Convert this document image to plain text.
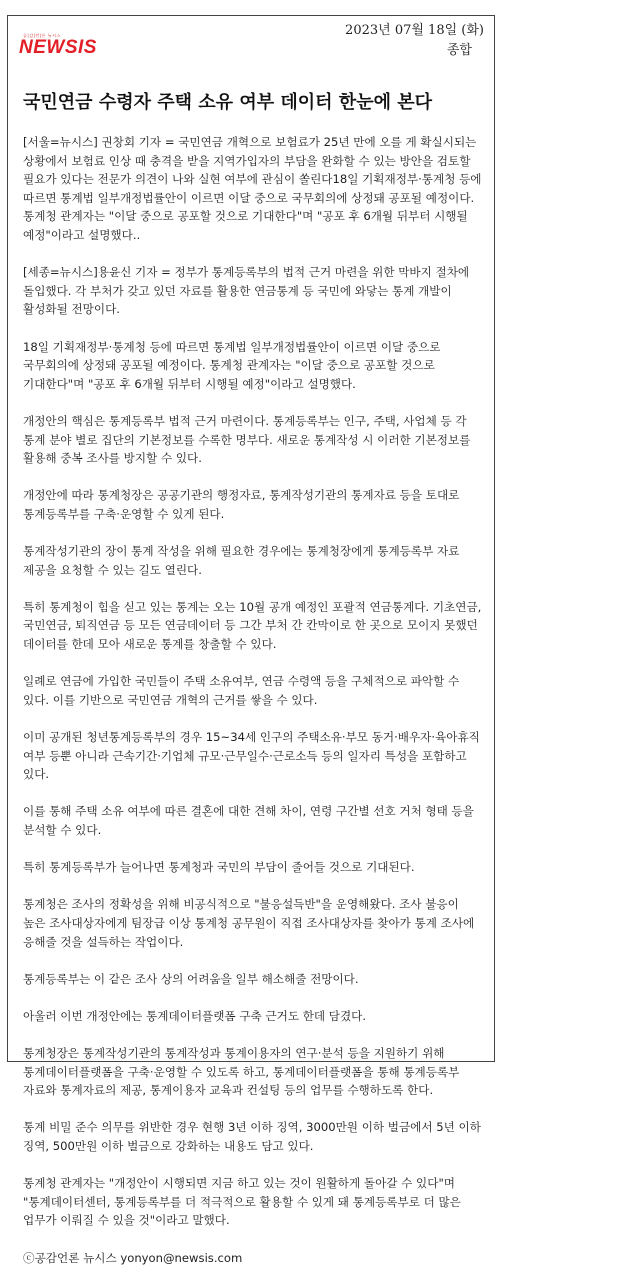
2023년 07월 18일 (화)
종합
공|감|언|론 뉴시스
NEWSIS
국민연금 수령자 주택 소유 여부 데이터 한눈에 본다

[서울=뉴시스] 권창회 기자 = 국민연금 개혁으로 보험료가 25년 만에 오를 게 확실시되는 상황에서 보험료 인상 때 충격을 받을 지역가입자의 부담을 완화할 수 있는 방안을 검토할 필요가 있다는 전문가 의견이 나와 실현 여부에 관심이 쏠린다18일 기획재정부·통계청 등에 따르면 통계법 일부개정법률안이 이르면 이달 중으로 국무회의에 상정돼 공포될 예정이다. 통계청 관계자는 "이달 중으로 공포할 것으로 기대한다"며 "공포 후 6개월 뒤부터 시행될 예정"이라고 설명했다..

[세종=뉴시스]용윤신 기자 = 정부가 통계등록부의 법적 근거 마련을 위한 막바지 절차에 돌입했다. 각 부처가 갖고 있던 자료를 활용한 연금통계 등 국민에 와닿는 통계 개발이 활성화될 전망이다.

18일 기획재정부·통계청 등에 따르면 통계법 일부개정법률안이 이르면 이달 중으로 국무회의에 상정돼 공포될 예정이다. 통계청 관계자는 "이달 중으로 공포할 것으로 기대한다"며 "공포 후 6개월 뒤부터 시행될 예정"이라고 설명했다.

개정안의 핵심은 통계등록부 법적 근거 마련이다. 통계등록부는 인구, 주택, 사업체 등 각 통계 분야 별로 집단의 기본정보를 수록한 명부다. 새로운 통계작성 시 이러한 기본정보를 활용해 중복 조사를 방지할 수 있다.

개정안에 따라 통계청장은 공공기관의 행정자료, 통계작성기관의 통계자료 등을 토대로 통계등록부를 구축·운영할 수 있게 된다.

통계작성기관의 장이 통계 작성을 위해 필요한 경우에는 통계청장에게 통계등록부 자료 제공을 요청할 수 있는 길도 열린다.

특히 통계청이 힘을 싣고 있는 통계는 오는 10월 공개 예정인 포괄적 연금통계다. 기초연금, 국민연금, 퇴직연금 등 모든 연금데이터 등 그간 부처 간 칸막이로 한 곳으로 모이지 못했던 데이터를 한데 모아 새로운 통계를 창출할 수 있다.

일례로 연금에 가입한 국민들이 주택 소유여부, 연금 수령액 등을 구체적으로 파악할 수 있다. 이를 기반으로 국민연금 개혁의 근거를 쌓을 수 있다.

이미 공개된 청년통계등록부의 경우 15~34세 인구의 주택소유·부모 동거·배우자·육아휴직 여부 등뿐 아니라 근속기간·기업체 규모·근무일수·근로소득 등의 일자리 특성을 포함하고 있다.

이를 통해 주택 소유 여부에 따른 결혼에 대한 견해 차이, 연령 구간별 선호 거처 형태 등을 분석할 수 있다.

특히 통계등록부가 늘어나면 통계청과 국민의 부담이 줄어들 것으로 기대된다.

통계청은 조사의 정확성을 위해 비공식적으로 "불응설득반"을 운영해왔다. 조사 불응이 높은 조사대상자에게 팀장급 이상 통계청 공무원이 직접 조사대상자를 찾아가 통계 조사에 응해줄 것을 설득하는 작업이다.

통계등록부는 이 같은 조사 상의 어려움을 일부 해소해줄 전망이다.

아울러 이번 개정안에는 통계데이터플랫폼 구축 근거도 한데 담겼다.

통계청장은 통계작성기관의 통계작성과 통계이용자의 연구·분석 등을 지원하기 위해 통계데이터플랫폼을 구축·운영할 수 있도록 하고, 통계데이터플랫폼을 통해 통계등록부 자료와 통계자료의 제공, 통계이용자 교육과 컨설팅 등의 업무를 수행하도록 한다.

통계 비밀 준수 의무를 위반한 경우 현행 3년 이하 징역, 3000만원 이하 벌금에서 5년 이하 징역, 500만원 이하 벌금으로 강화하는 내용도 담고 있다.

통계청 관계자는 "개정안이 시행되면 지금 하고 있는 것이 원활하게 돌아갈 수 있다"며 "통계데이터센터, 통계등록부를 더 적극적으로 활용할 수 있게 돼 통계등록부로 더 많은 업무가 이뤄질 수 있을 것"이라고 말했다.

ⓒ공감언론 뉴시스 yonyon@newsis.com
